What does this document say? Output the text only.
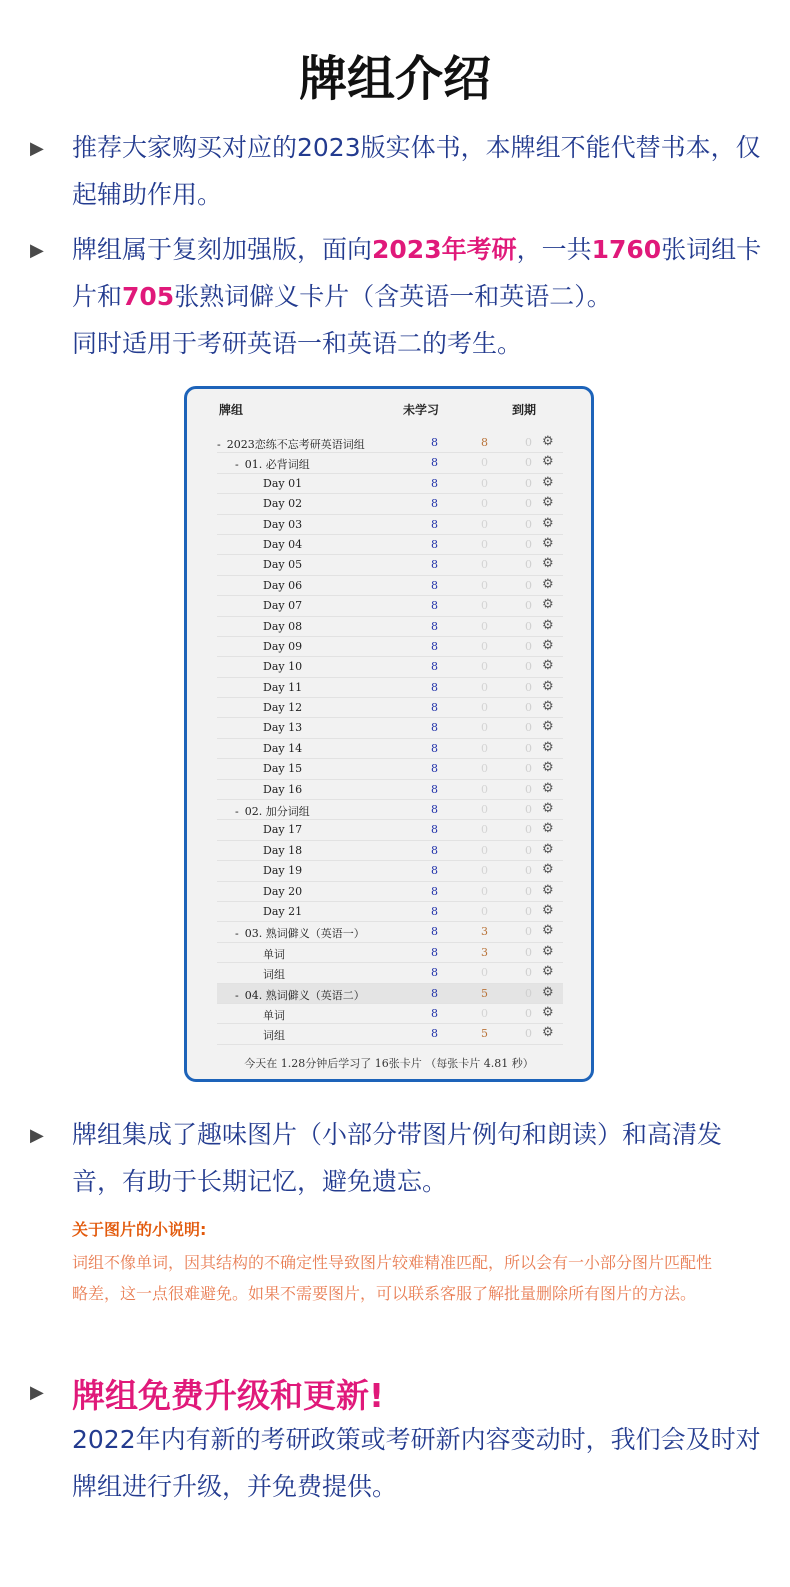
牌组介绍
▶ 推荐大家购买对应的2023版实体书，本牌组不能代替书本，仅起辅助作用。
▶ 牌组属于复刻加强版，面向2023年考研，一共1760张词组卡片和705张熟词僻义卡片（含英语一和英语二）。
同时适用于考研英语一和英语二的考生。
牌组	未学习	到期
- 2023恋练不忘考研英语词组	8	8	0 ⚙
- 01. 必背词组	8	0	0 ⚙
Day 01	8	0	0 ⚙
Day 02	8	0	0 ⚙
Day 03	8	0	0 ⚙
Day 04	8	0	0 ⚙
Day 05	8	0	0 ⚙
Day 06	8	0	0 ⚙
Day 07	8	0	0 ⚙
Day 08	8	0	0 ⚙
Day 09	8	0	0 ⚙
Day 10	8	0	0 ⚙
Day 11	8	0	0 ⚙
Day 12	8	0	0 ⚙
Day 13	8	0	0 ⚙
Day 14	8	0	0 ⚙
Day 15	8	0	0 ⚙
Day 16	8	0	0 ⚙
- 02. 加分词组	8	0	0 ⚙
Day 17	8	0	0 ⚙
Day 18	8	0	0 ⚙
Day 19	8	0	0 ⚙
Day 20	8	0	0 ⚙
Day 21	8	0	0 ⚙
- 03. 熟词僻义（英语一）	8	3	0 ⚙
单词	8	3	0 ⚙
词组	8	0	0 ⚙
- 04. 熟词僻义（英语二）	8	5	0 ⚙
单词	8	0	0 ⚙
词组	8	5	0 ⚙
今天在 1.28分钟后学习了 16张卡片 （每张卡片 4.81 秒）
▶ 牌组集成了趣味图片（小部分带图片例句和朗读）和高清发音，有助于长期记忆，避免遗忘。
关于图片的小说明:
词组不像单词，因其结构的不确定性导致图片较难精准匹配，所以会有一小部分图片匹配性略差，这一点很难避免。如果不需要图片，可以联系客服了解批量删除所有图片的方法。
▶ 牌组免费升级和更新!
2022年内有新的考研政策或考研新内容变动时，我们会及时对牌组进行升级，并免费提供。
